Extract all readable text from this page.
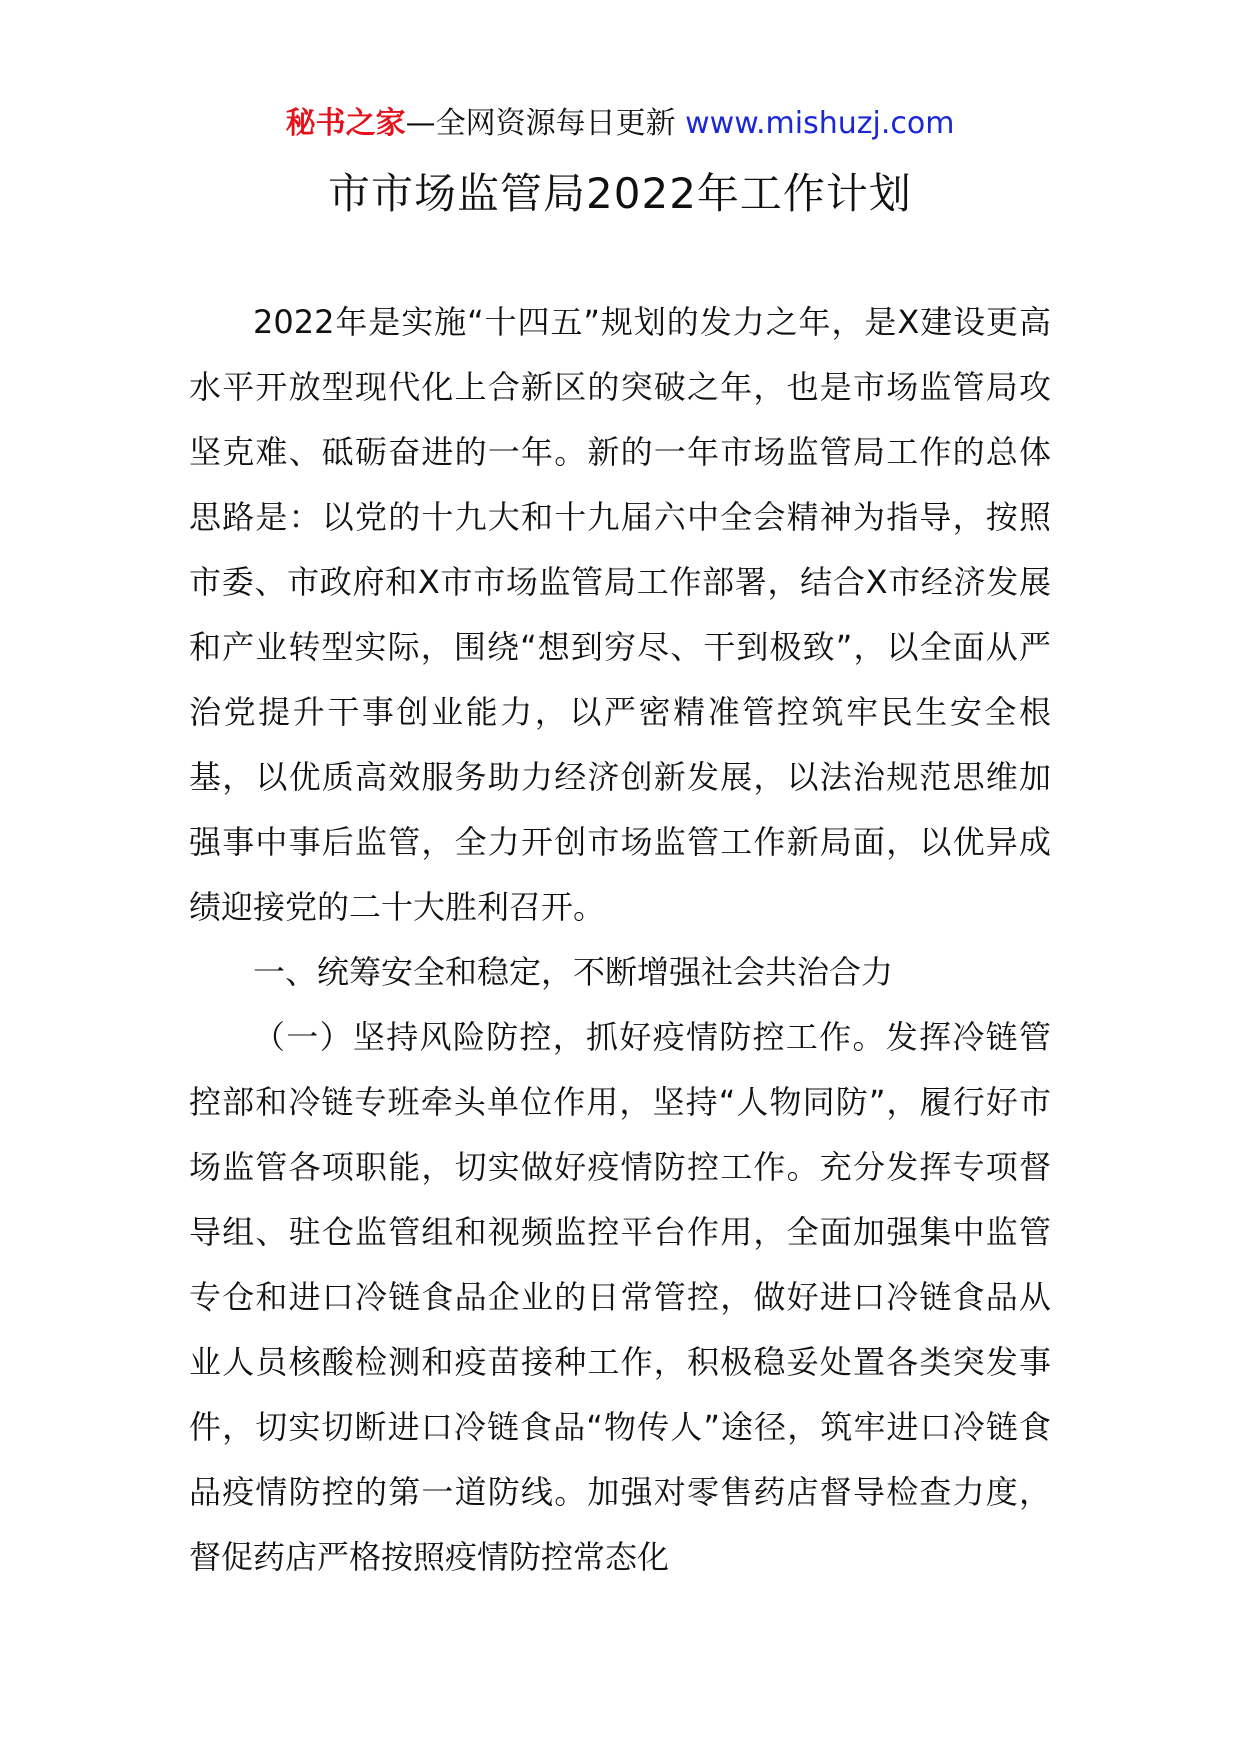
秘书之家—全网资源每日更新 www.mishuzj.com
市市场监管局2022年工作计划

2022年是实施“十四五”规划的发力之年，是X建设更高水平开放型现代化上合新区的突破之年，也是市场监管局攻坚克难、砥砺奋进的一年。新的一年市场监管局工作的总体思路是：以党的十九大和十九届六中全会精神为指导，按照市委、市政府和X市市场监管局工作部署，结合X市经济发展和产业转型实际，围绕“想到穷尽、干到极致”，以全面从严治党提升干事创业能力，以严密精准管控筑牢民生安全根基，以优质高效服务助力经济创新发展，以法治规范思维加强事中事后监管，全力开创市场监管工作新局面，以优异成绩迎接党的二十大胜利召开。

一、统筹安全和稳定，不断增强社会共治合力

（一）坚持风险防控，抓好疫情防控工作。发挥冷链管控部和冷链专班牵头单位作用，坚持“人物同防”，履行好市场监管各项职能，切实做好疫情防控工作。充分发挥专项督导组、驻仓监管组和视频监控平台作用，全面加强集中监管专仓和进口冷链食品企业的日常管控，做好进口冷链食品从业人员核酸检测和疫苗接种工作，积极稳妥处置各类突发事件，切实切断进口冷链食品“物传人”途径，筑牢进口冷链食品疫情防控的第一道防线。加强对零售药店督导检查力度，督促药店严格按照疫情防控常态化
